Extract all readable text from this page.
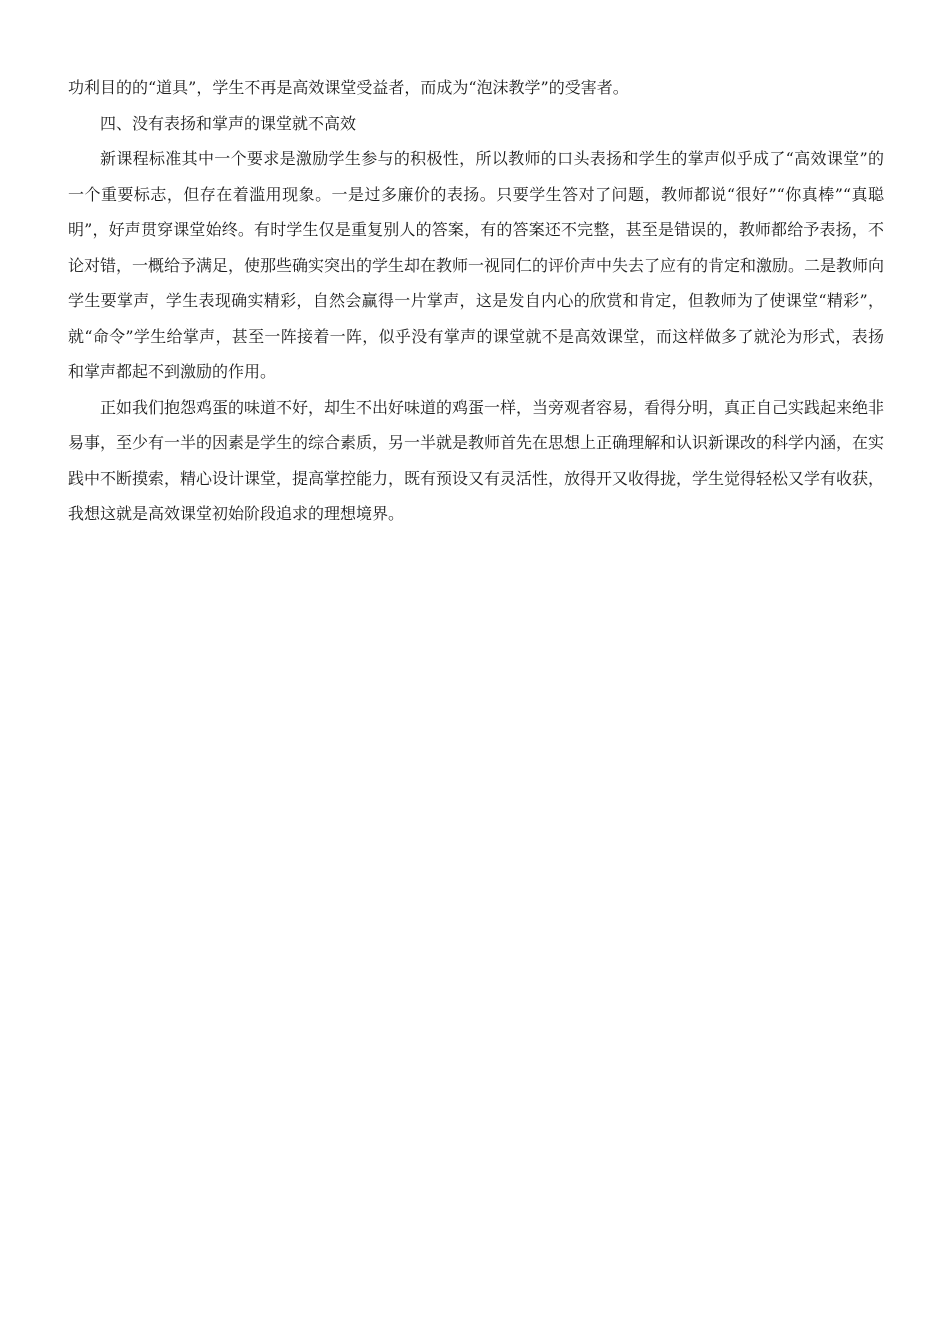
功利目的的“道具”，学生不再是高效课堂受益者，而成为“泡沫教学”的受害者。

四、没有表扬和掌声的课堂就不高效

新课程标准其中一个要求是激励学生参与的积极性，所以教师的口头表扬和学生的掌声似乎成了“高效课堂”的一个重要标志，但存在着滥用现象。一是过多廉价的表扬。只要学生答对了问题，教师都说“很好”“你真棒”“真聪明”，好声贯穿课堂始终。有时学生仅是重复别人的答案，有的答案还不完整，甚至是错误的，教师都给予表扬，不论对错，一概给予满足，使那些确实突出的学生却在教师一视同仁的评价声中失去了应有的肯定和激励。二是教师向学生要掌声，学生表现确实精彩，自然会赢得一片掌声，这是发自内心的欣赏和肯定，但教师为了使课堂“精彩”，就“命令”学生给掌声，甚至一阵接着一阵，似乎没有掌声的课堂就不是高效课堂，而这样做多了就沦为形式，表扬和掌声都起不到激励的作用。

正如我们抱怨鸡蛋的味道不好，却生不出好味道的鸡蛋一样，当旁观者容易，看得分明，真正自己实践起来绝非易事，至少有一半的因素是学生的综合素质，另一半就是教师首先在思想上正确理解和认识新课改的科学内涵，在实践中不断摸索，精心设计课堂，提高掌控能力，既有预设又有灵活性，放得开又收得拢，学生觉得轻松又学有收获，我想这就是高效课堂初始阶段追求的理想境界。
